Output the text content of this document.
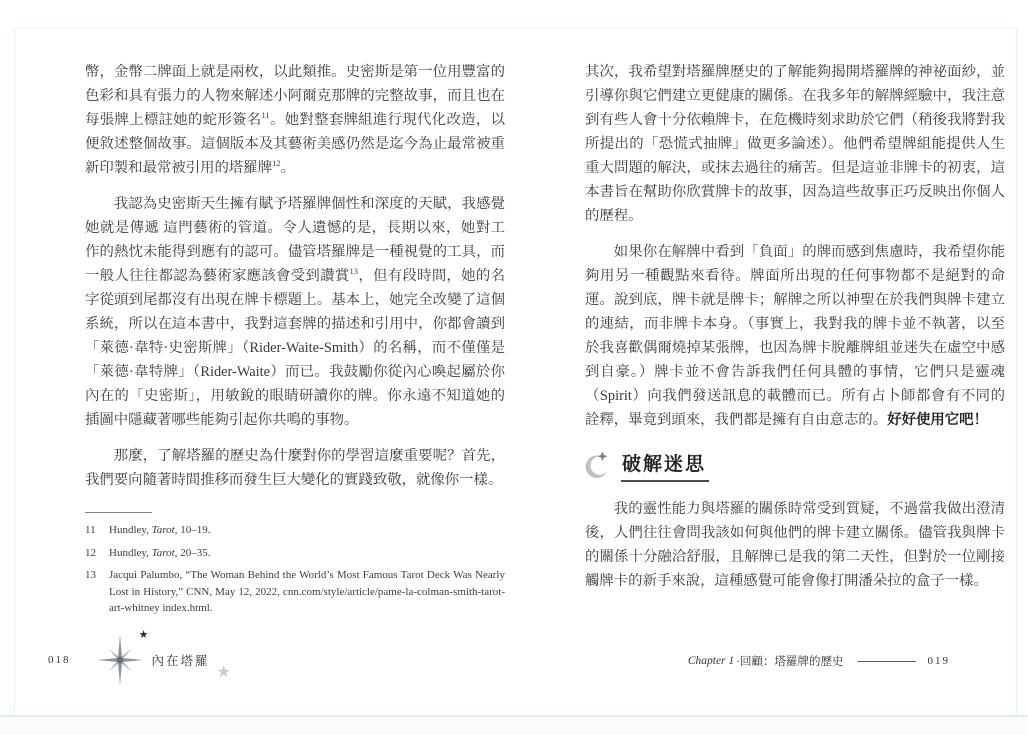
幣，金幣二牌面上就是兩枚，以此類推。史密斯是第一位用豐富的色彩和具有張力的人物來解述小阿爾克那牌的完整故事，而且也在每張牌上標註她的蛇形簽名$^{11}$。她對整套牌組進行現代化改造，以便敘述整個故事。這個版本及其藝術美感仍然是迄今為止最常被重新印製和最常被引用的塔羅牌$^{12}$。

我認為史密斯天生擁有賦予塔羅牌個性和深度的天賦，我感覺她就是傳遞 這門藝術的管道。令人遺憾的是，長期以來，她對工作的熱忱未能得到應有的認可。儘管塔羅牌是一種視覺的工具，而一般人往往都認為藝術家應該會受到讚賞$^{13}$，但有段時間，她的名字從頭到尾都沒有出現在牌卡標題上。基本上，她完全改變了這個系統，所以在這本書中，我對這套牌的描述和引用中，你都會讀到「萊德·韋特·史密斯牌」（Rider-Waite-Smith）的名稱，而不僅僅是「萊德·韋特牌」（Rider-Waite）而已。我鼓勵你從內心喚起屬於你內在的「史密斯」，用敏銳的眼睛研讀你的牌。你永遠不知道她的插圖中隱藏著哪些能夠引起你共鳴的事物。

那麼，了解塔羅的歷史為什麼對你的學習這麼重要呢？首先，我們要向隨著時間推移而發生巨大變化的實踐致敬，就像你一樣。

11	Hundley, Tarot, 10–19.
12	Hundley, Tarot, 20–35.
13	Jacqui Palumbo, “The Woman Behind the World’s Most Famous Tarot Deck Was Nearly Lost in History,” CNN, May 12, 2022, cnn.com/style/article/pame-la-colman-smith-tarot-art-whitney index.html.
018
★
內在塔羅
★

其次，我希望對塔羅牌歷史的了解能夠揭開塔羅牌的神祕面紗，並引導你與它們建立更健康的關係。在我多年的解牌經驗中，我注意到有些人會十分依賴牌卡，在危機時刻求助於它們（稍後我將對我所提出的「恐慌式抽牌」做更多論述）。他們希望牌組能提供人生重大問題的解決，或抹去過往的痛苦。但是這並非牌卡的初衷，這本書旨在幫助你欣賞牌卡的故事，因為這些故事正巧反映出你個人的歷程。

如果你在解牌中看到「負面」的牌而感到焦慮時，我希望你能夠用另一種觀點來看待。牌面所出現的任何事物都不是絕對的命運。說到底，牌卡就是牌卡；解牌之所以神聖在於我們與牌卡建立的連結，而非牌卡本身。（事實上，我對我的牌卡並不執著，以至於我喜歡偶爾燒掉某張牌，也因為牌卡脫離牌組並迷失在虛空中感到自豪。）牌卡並不會告訴我們任何具體的事情，它們只是靈魂（Spirit）向我們發送訊息的載體而已。所有占卜師都會有不同的詮釋，畢竟到頭來，我們都是擁有自由意志的。好好使用它吧！

破解迷思

我的靈性能力與塔羅的關係時常受到質疑，不過當我做出澄清後，人們往往會問我該如何與他們的牌卡建立關係。儘管我與牌卡的關係十分融洽舒服，且解牌已是我的第二天性，但對於一位剛接觸牌卡的新手來說，這種感覺可能會像打開潘朵拉的盒子一樣。

Chapter 1 ·回顧：塔羅牌的歷史	019
